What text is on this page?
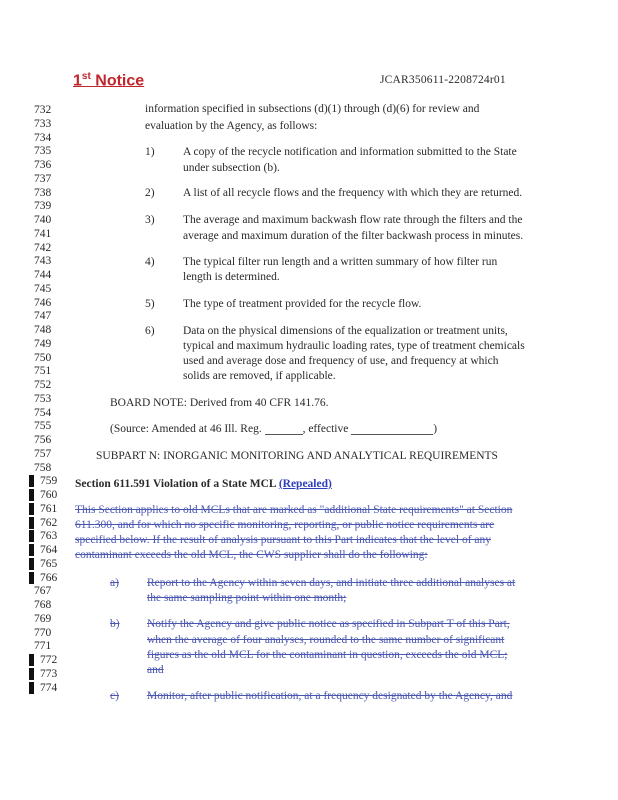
1st Notice	JCAR350611-2208724r01
732
733
734
735
736
737
738
739
740
741
742
743
744
745
746
747
748
749
750
751
752
753
754
755
756
757
758
759
760
761
762
763
764
765
766
767
768
769
770
771
772
773
774
information specified in subsections (d)(1) through (d)(6) for review and
evaluation by the Agency, as follows:
1) A copy of the recycle notification and information submitted to the State
under subsection (b).
2) A list of all recycle flows and the frequency with which they are returned.
3) The average and maximum backwash flow rate through the filters and the
average and maximum duration of the filter backwash process in minutes.
4) The typical filter run length and a written summary of how filter run
length is determined.
5) The type of treatment provided for the recycle flow.
6) Data on the physical dimensions of the equalization or treatment units,
typical and maximum hydraulic loading rates, type of treatment chemicals
used and average dose and frequency of use, and frequency at which
solids are removed, if applicable.
BOARD NOTE: Derived from 40 CFR 141.76.
(Source: Amended at 46 Ill. Reg.	, effective	)
SUBPART N: INORGANIC MONITORING AND ANALYTICAL REQUIREMENTS
Section 611.591 Violation of a State MCL (Repealed)
This Section applies to old MCLs that are marked as "additional State requirements" at Section
611.300, and for which no specific monitoring, reporting, or public notice requirements are
specified below. If the result of analysis pursuant to this Part indicates that the level of any
contaminant exceeds the old MCL, the CWS supplier shall do the following:
a) Report to the Agency within seven days, and initiate three additional analyses at
the same sampling point within one month;
b) Notify the Agency and give public notice as specified in Subpart T of this Part,
when the average of four analyses, rounded to the same number of significant
figures as the old MCL for the contaminant in question, exceeds the old MCL;
and
c) Monitor, after public notification, at a frequency designated by the Agency, and
